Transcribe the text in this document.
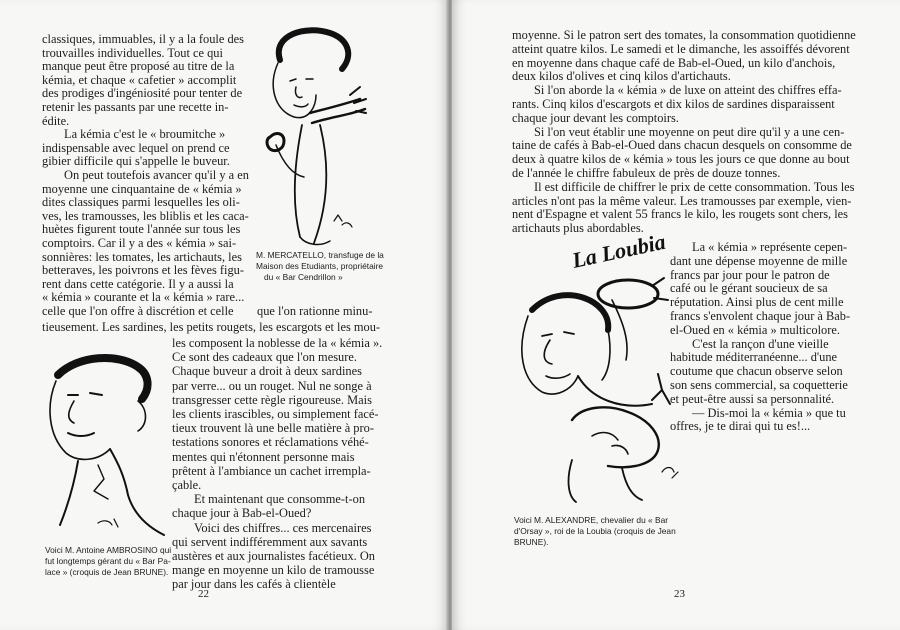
classiques, immuables, il y a la foule des
trouvailles individuelles. Tout ce qui
manque peut être proposé au titre de la
kémia, et chaque « cafetier » accomplit
des prodiges d'ingéniosité pour tenter de
retenir les passants par une recette in-
édite.
La kémia c'est le « broumitche »
indispensable avec lequel on prend ce
gibier difficile qui s'appelle le buveur.
On peut toutefois avancer qu'il y a en
moyenne une cinquantaine de « kémia »
dites classiques parmi lesquelles les oli-
ves, les tramousses, les bliblis et les caca-
huètes figurent toute l'année sur tous les
comptoirs. Car il y a des « kémia » sai-
sonnières: les tomates, les artichauts, les
betteraves, les poivrons et les fèves figu-
rent dans cette catégorie. Il y a aussi la
« kémia » courante et la « kémia » rare...
celle que l'on offre à discrétion et celle que l'on rationne minu-
tieusement. Les sardines, les petits rougets, les escargots et les mou-
les composent la noblesse de la « kémia ».
Ce sont des cadeaux que l'on mesure.
Chaque buveur a droit à deux sardines
par verre... ou un rouget. Nul ne songe à
transgresser cette règle rigoureuse. Mais
les clients irascibles, ou simplement facé-
tieux trouvent là une belle matière à pro-
testations sonores et réclamations véhé-
mentes qui n'étonnent personne mais
prêtent à l'ambiance un cachet irrempla-
çable.
Et maintenant que consomme-t-on
chaque jour à Bab-el-Oued?
Voici des chiffres... ces mercenaires
qui servent indifféremment aux savants
austères et aux journalistes facétieux. On
mange en moyenne un kilo de tramousse
par jour dans les cafés à clientèle
M. MERCATELLO, transfuge de la
Maison des Etudiants, propriétaire
du « Bar Cendrillon »
Voici M. Antoine AMBROSINO qui
fut longtemps gérant du « Bar Pa-
lace » (croquis de Jean BRUNE).
22
moyenne. Si le patron sert des tomates, la consommation quotidienne
atteint quatre kilos. Le samedi et le dimanche, les assoiffés dévorent
en moyenne dans chaque café de Bab-el-Oued, un kilo d'anchois,
deux kilos d'olives et cinq kilos d'artichauts.
Si l'on aborde la « kémia » de luxe on atteint des chiffres effa-
rants. Cinq kilos d'escargots et dix kilos de sardines disparaissent
chaque jour devant les comptoirs.
Si l'on veut établir une moyenne on peut dire qu'il y a une cen-
taine de cafés à Bab-el-Oued dans chacun desquels on consomme de
deux à quatre kilos de « kémia » tous les jours ce que donne au bout
de l'année le chiffre fabuleux de près de douze tonnes.
Il est difficile de chiffrer le prix de cette consommation. Tous les
articles n'ont pas la même valeur. Les tramousses par exemple, vien-
nent d'Espagne et valent 55 francs le kilo, les rougets sont chers, les
artichauts plus abordables.
La « kémia » représente cepen-
dant une dépense moyenne de mille
francs par jour pour le patron de
café ou le gérant soucieux de sa
réputation. Ainsi plus de cent mille
francs s'envolent chaque jour à Bab-
el-Oued en « kémia » multicolore.
C'est la rançon d'une vieille
habitude méditerranéenne... d'une
coutume que chacun observe selon
son sens commercial, sa coquetterie
et peut-être aussi sa personnalité.
— Dis-moi la « kémia » que tu
offres, je te dirai qui tu es!...
La Loubia
Voici M. ALEXANDRE, chevalier du « Bar
d'Orsay », roi de la Loubia (croquis de Jean
BRUNE).
23
